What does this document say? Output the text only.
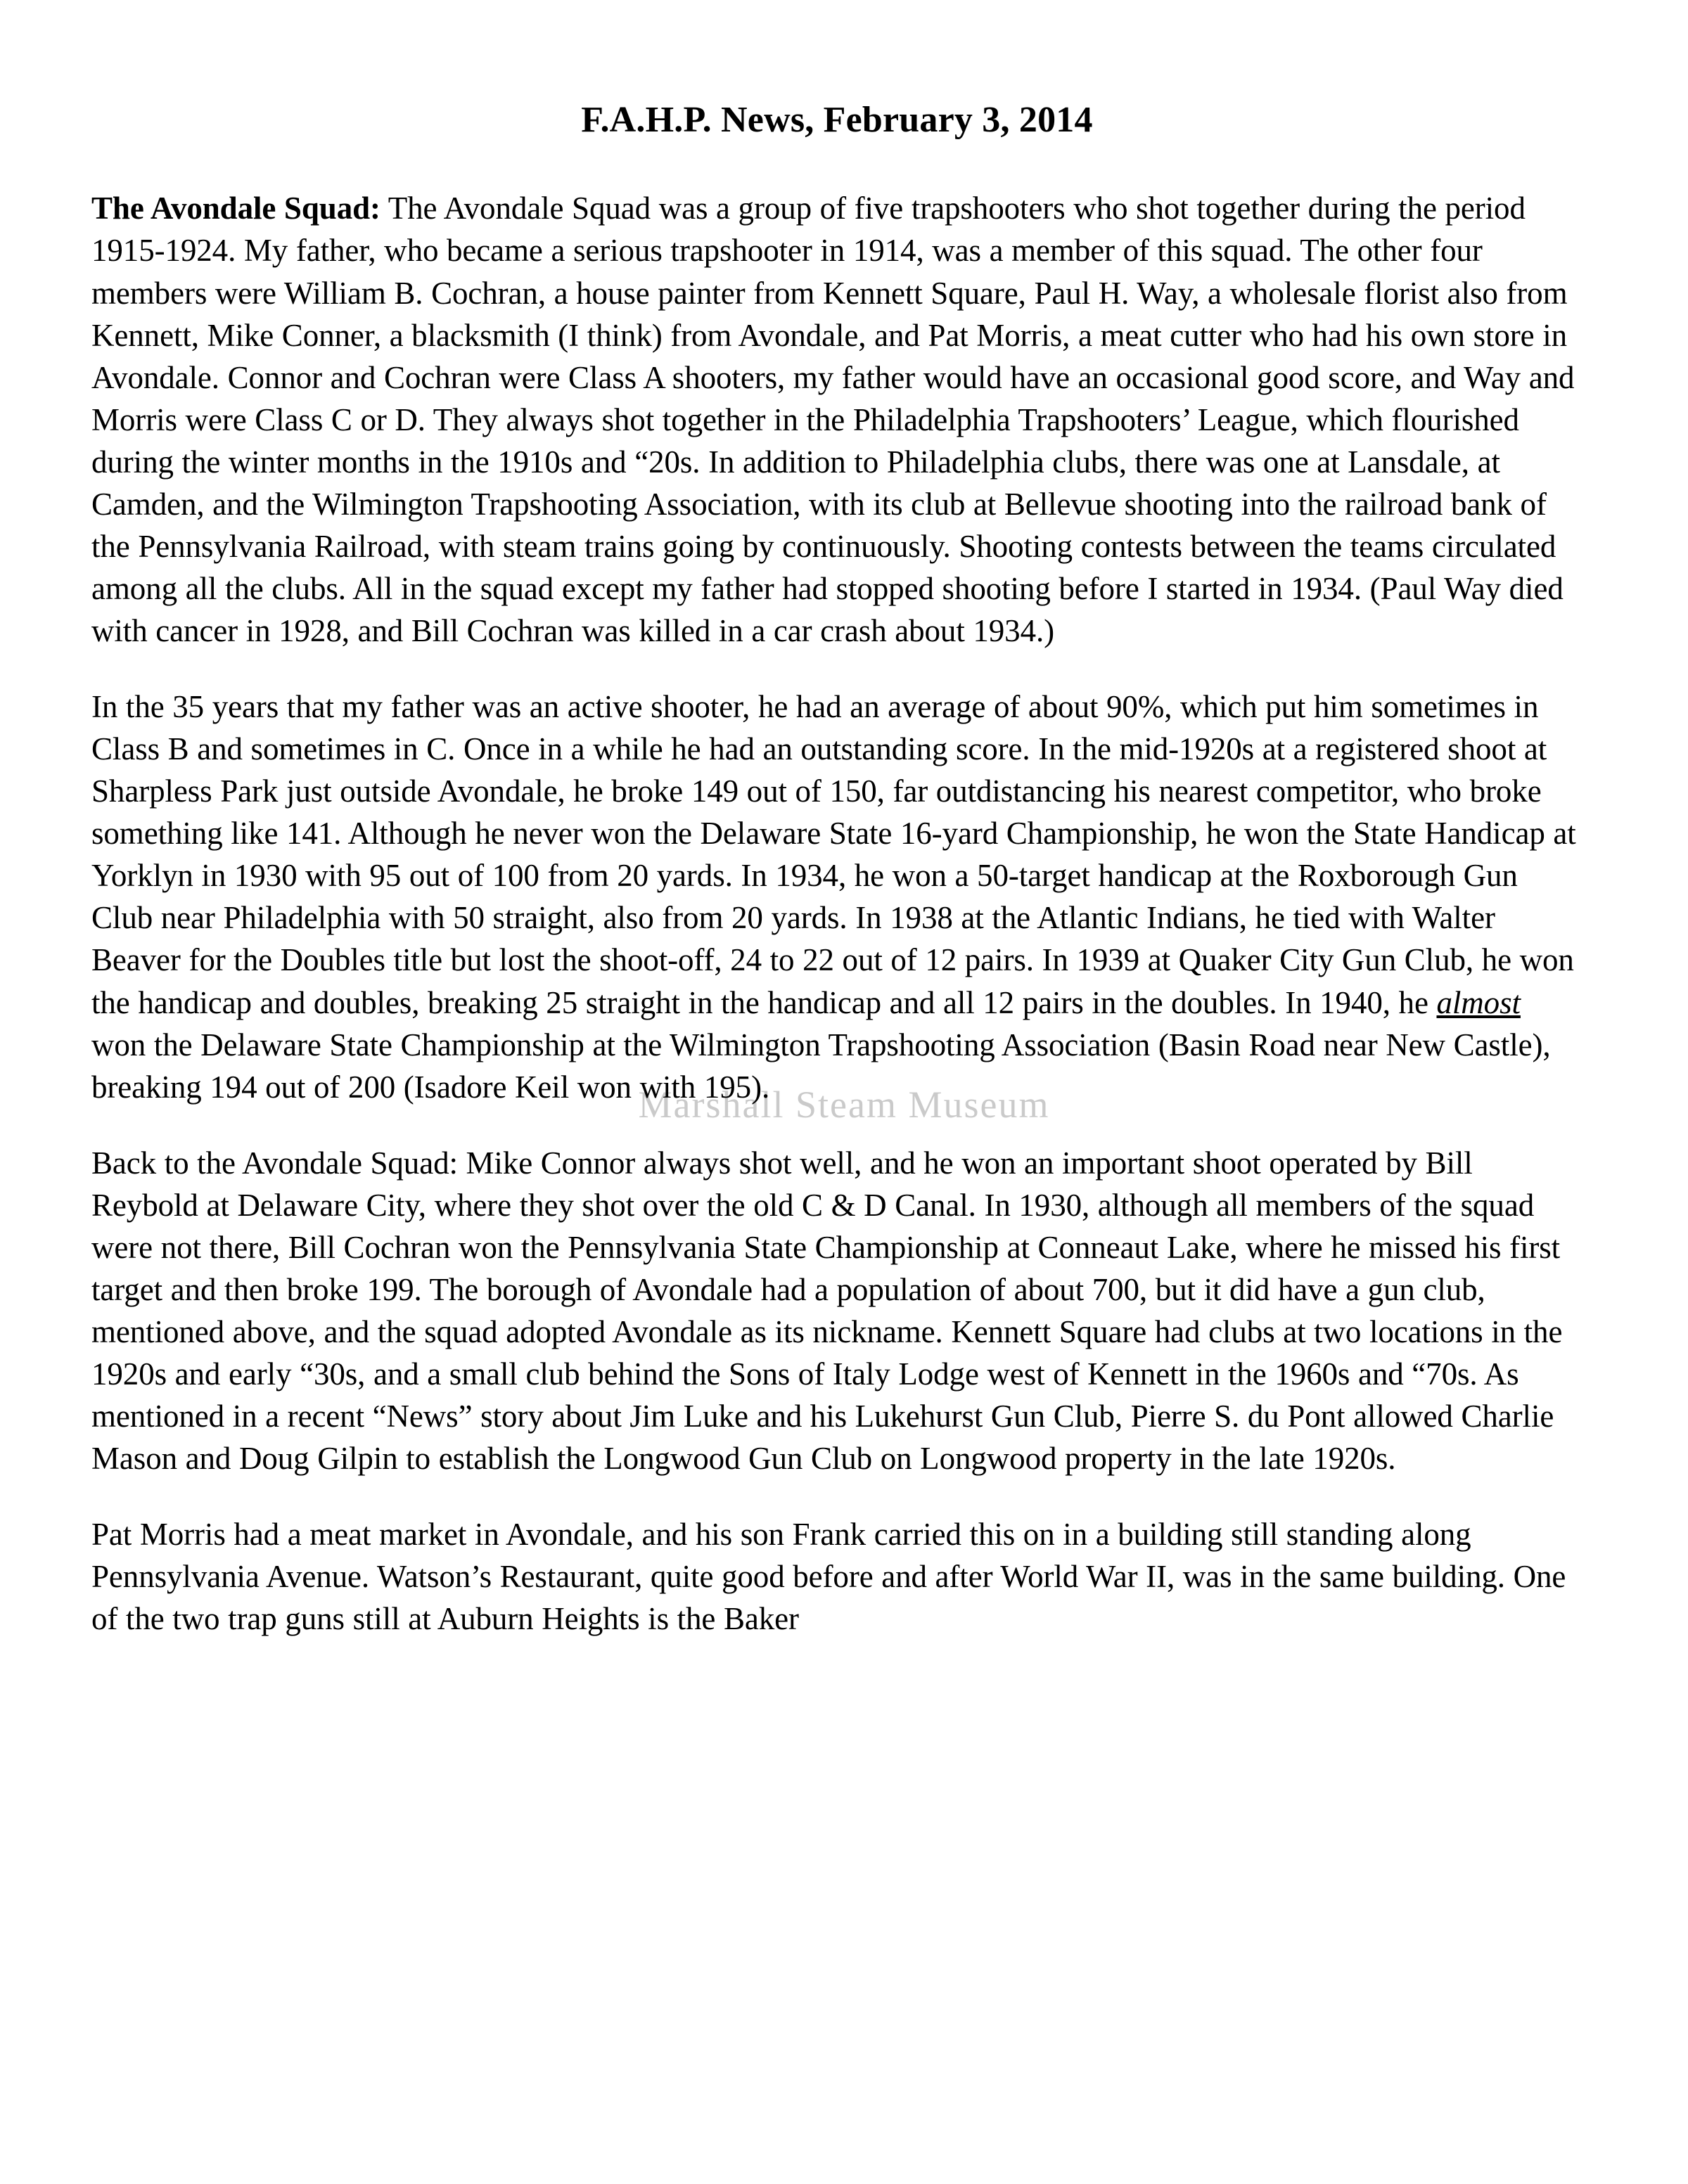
Marshall Steam Museum
F.A.H.P. News, February 3, 2014

The Avondale Squad: The Avondale Squad was a group of five trapshooters who shot together during the period 1915-1924. My father, who became a serious trapshooter in 1914, was a member of this squad. The other four members were William B. Cochran, a house painter from Kennett Square, Paul H. Way, a wholesale florist also from Kennett, Mike Conner, a blacksmith (I think) from Avondale, and Pat Morris, a meat cutter who had his own store in Avondale. Connor and Cochran were Class A shooters, my father would have an occasional good score, and Way and Morris were Class C or D. They always shot together in the Philadelphia Trapshooters’ League, which flourished during the winter months in the 1910s and “20s. In addition to Philadelphia clubs, there was one at Lansdale, at Camden, and the Wilmington Trapshooting Association, with its club at Bellevue shooting into the railroad bank of the Pennsylvania Railroad, with steam trains going by continuously. Shooting contests between the teams circulated among all the clubs. All in the squad except my father had stopped shooting before I started in 1934. (Paul Way died with cancer in 1928, and Bill Cochran was killed in a car crash about 1934.)

In the 35 years that my father was an active shooter, he had an average of about 90%, which put him sometimes in Class B and sometimes in C. Once in a while he had an outstanding score. In the mid-1920s at a registered shoot at Sharpless Park just outside Avondale, he broke 149 out of 150, far outdistancing his nearest competitor, who broke something like 141. Although he never won the Delaware State 16-yard Championship, he won the State Handicap at Yorklyn in 1930 with 95 out of 100 from 20 yards. In 1934, he won a 50-target handicap at the Roxborough Gun Club near Philadelphia with 50 straight, also from 20 yards. In 1938 at the Atlantic Indians, he tied with Walter Beaver for the Doubles title but lost the shoot-off, 24 to 22 out of 12 pairs. In 1939 at Quaker City Gun Club, he won the handicap and doubles, breaking 25 straight in the handicap and all 12 pairs in the doubles. In 1940, he almost won the Delaware State Championship at the Wilmington Trapshooting Association (Basin Road near New Castle), breaking 194 out of 200 (Isadore Keil won with 195).

Back to the Avondale Squad: Mike Connor always shot well, and he won an important shoot operated by Bill Reybold at Delaware City, where they shot over the old C & D Canal. In 1930, although all members of the squad were not there, Bill Cochran won the Pennsylvania State Championship at Conneaut Lake, where he missed his first target and then broke 199. The borough of Avondale had a population of about 700, but it did have a gun club, mentioned above, and the squad adopted Avondale as its nickname. Kennett Square had clubs at two locations in the 1920s and early “30s, and a small club behind the Sons of Italy Lodge west of Kennett in the 1960s and “70s. As mentioned in a recent “News” story about Jim Luke and his Lukehurst Gun Club, Pierre S. du Pont allowed Charlie Mason and Doug Gilpin to establish the Longwood Gun Club on Longwood property in the late 1920s.

Pat Morris had a meat market in Avondale, and his son Frank carried this on in a building still standing along Pennsylvania Avenue. Watson’s Restaurant, quite good before and after World War II, was in the same building. One of the two trap guns still at Auburn Heights is the Baker
